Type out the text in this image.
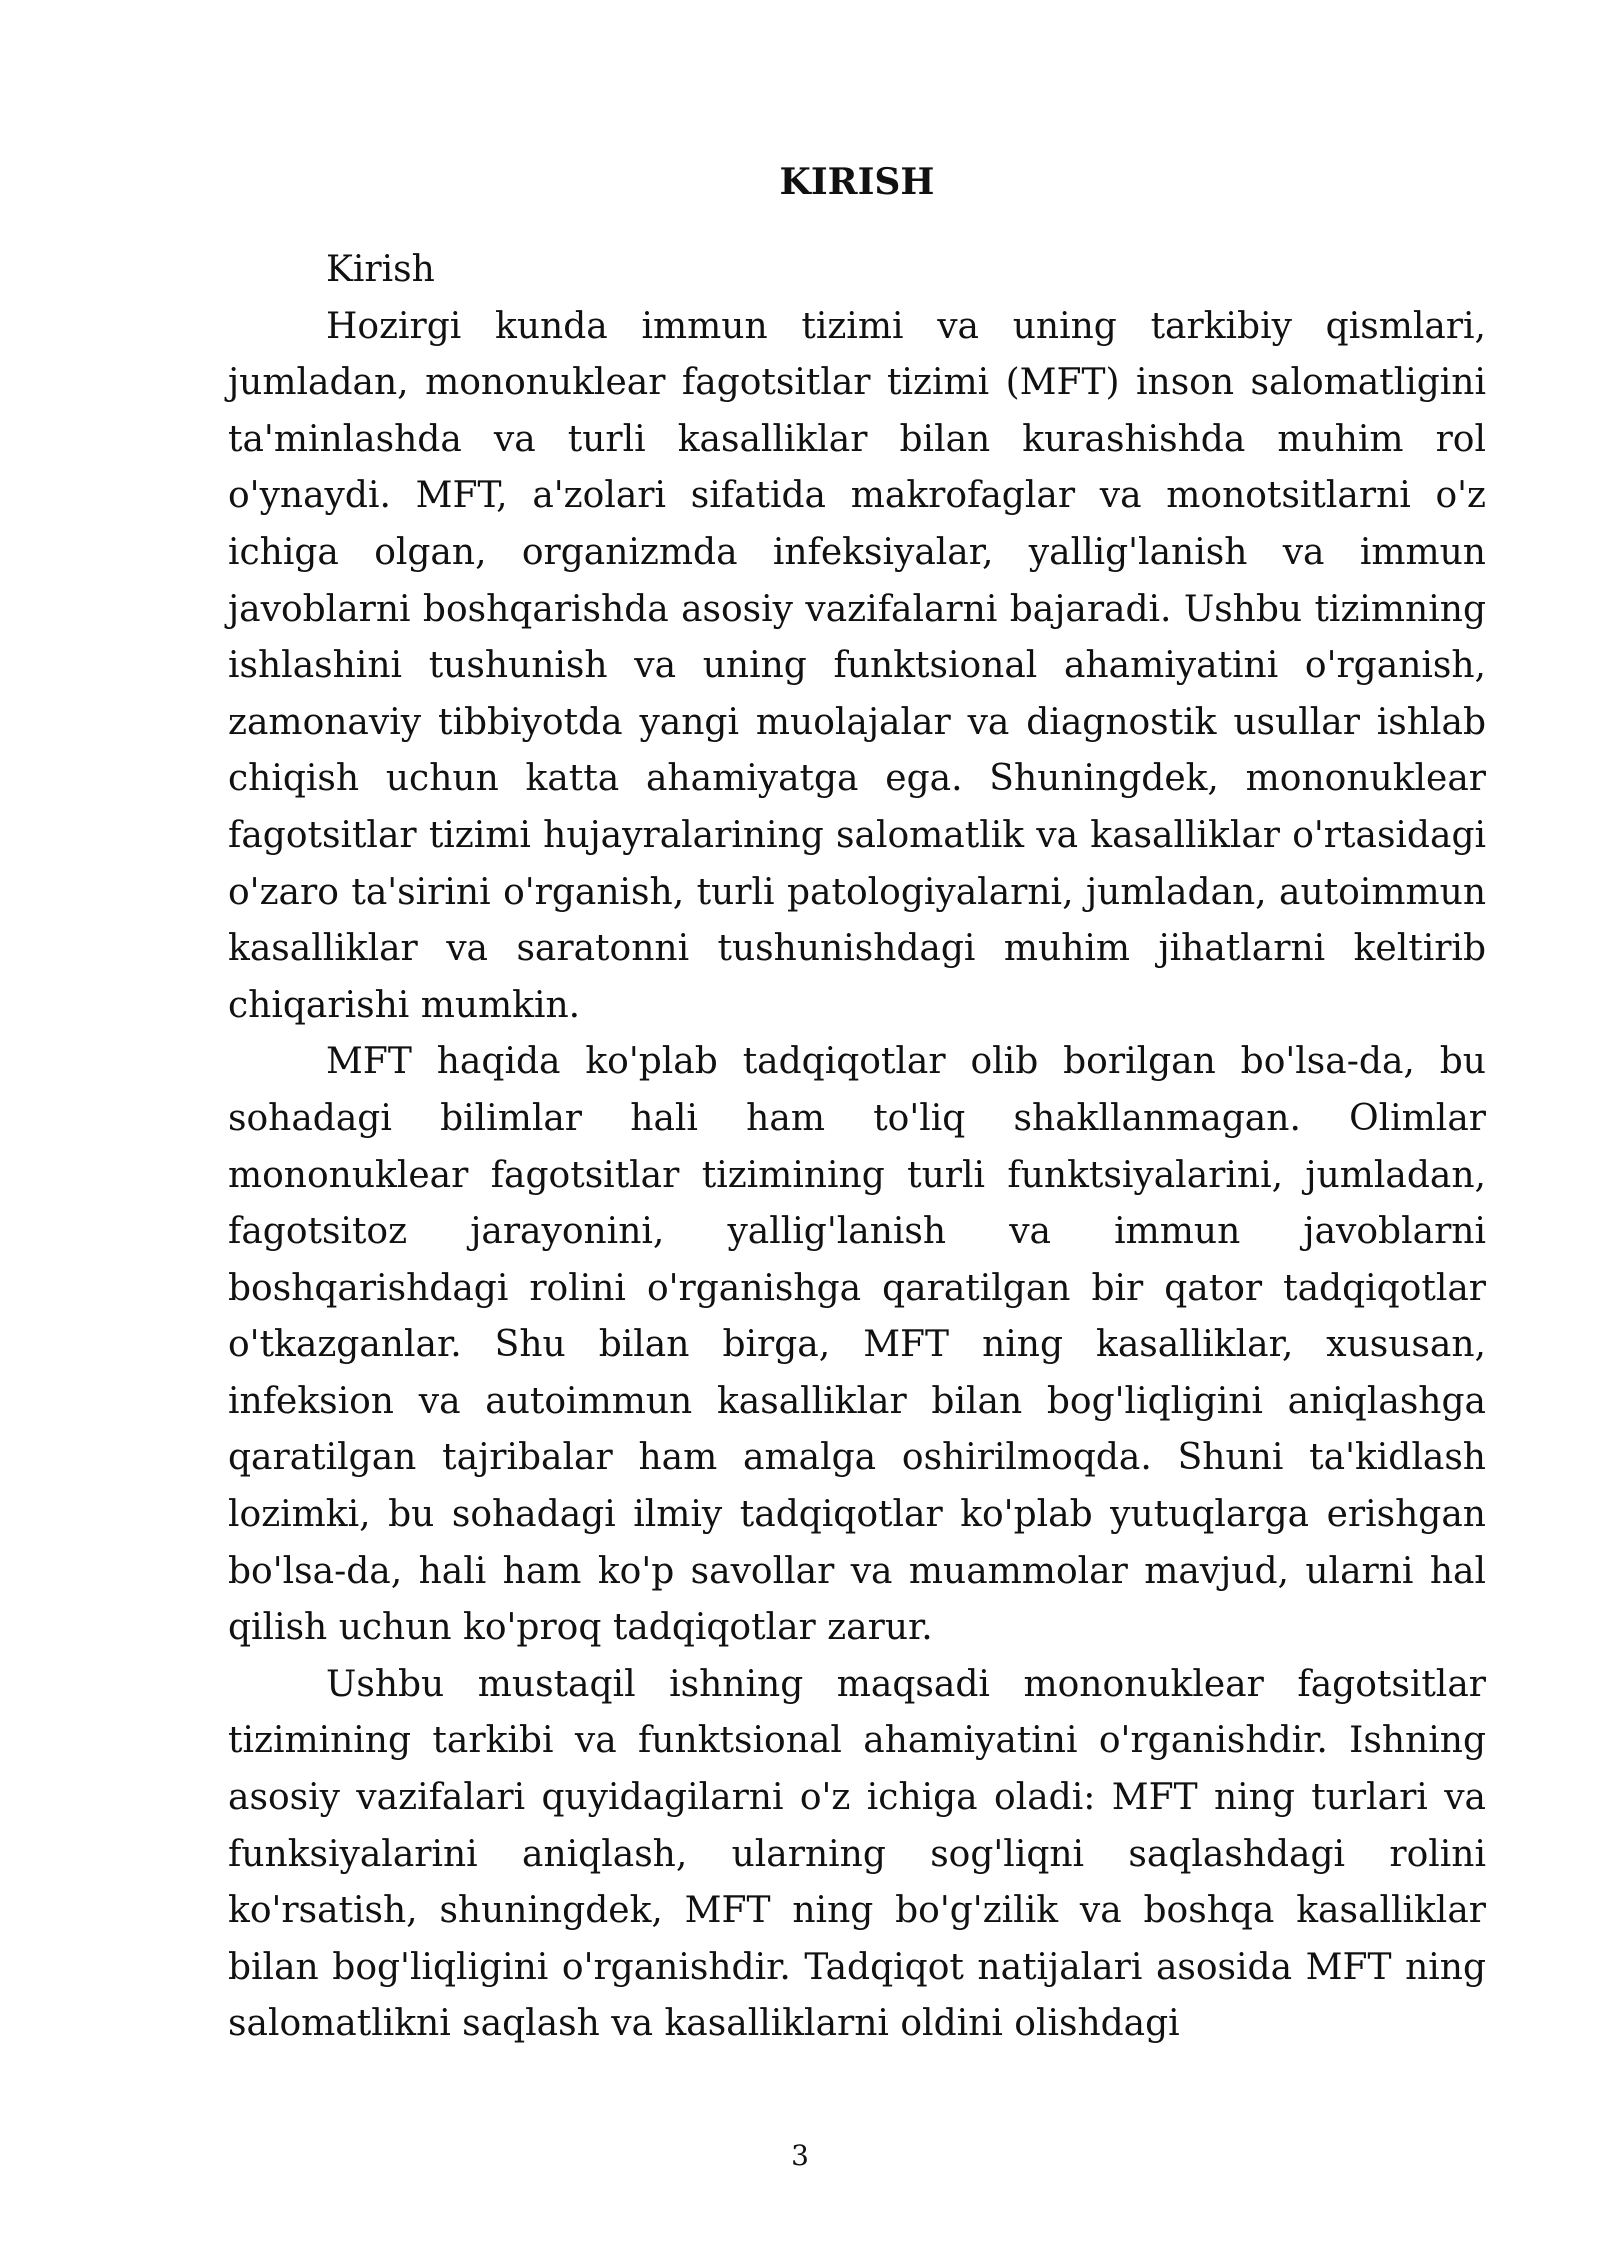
KIRISH

Kirish

Hozirgi kunda immun tizimi va uning tarkibiy qismlari, jumladan, mononuklear fagotsitlar tizimi (MFT) inson salomatligini ta'minlashda va turli kasalliklar bilan kurashishda muhim rol o'ynaydi. MFT, a'zolari sifatida makrofaglar va monotsitlarni o'z ichiga olgan, organizmda infeksiyalar, yallig'lanish va immun javoblarni boshqarishda asosiy vazifalarni bajaradi. Ushbu tizimning ishlashini tushunish va uning funktsional ahamiyatini o'rganish, zamonaviy tibbiyotda yangi muolajalar va diagnostik usullar ishlab chiqish uchun katta ahamiyatga ega. Shuningdek, mononuklear fagotsitlar tizimi hujayralarining salomatlik va kasalliklar o'rtasidagi o'zaro ta'sirini o'rganish, turli patologiyalarni, jumladan, autoimmun kasalliklar va saratonni tushunishdagi muhim jihatlarni keltirib chiqarishi mumkin.

MFT haqida ko'plab tadqiqotlar olib borilgan bo'lsa-da, bu sohadagi bilimlar hali ham to'liq shakllanmagan. Olimlar mononuklear fagotsitlar tizimining turli funktsiyalarini, jumladan, fagotsitoz jarayonini, yallig'lanish va immun javoblarni boshqarishdagi rolini o'rganishga qaratilgan bir qator tadqiqotlar o'tkazganlar. Shu bilan birga, MFT ning kasalliklar, xususan, infeksion va autoimmun kasalliklar bilan bog'liqligini aniqlashga qaratilgan tajribalar ham amalga oshirilmoqda. Shuni ta'kidlash lozimki, bu sohadagi ilmiy tadqiqotlar ko'plab yutuqlarga erishgan bo'lsa-da, hali ham ko'p savollar va muammolar mavjud, ularni hal qilish uchun ko'proq tadqiqotlar zarur.

Ushbu mustaqil ishning maqsadi mononuklear fagotsitlar tizimining tarkibi va funktsional ahamiyatini o'rganishdir. Ishning asosiy vazifalari quyidagilarni o'z ichiga oladi: MFT ning turlari va funksiyalarini aniqlash, ularning sog'liqni saqlashdagi rolini ko'rsatish, shuningdek, MFT ning bo'g'zilik va boshqa kasalliklar bilan bog'liqligini o'rganishdir. Tadqiqot natijalari asosida MFT ning salomatlikni saqlash va kasalliklarni oldini olishdagi

3
